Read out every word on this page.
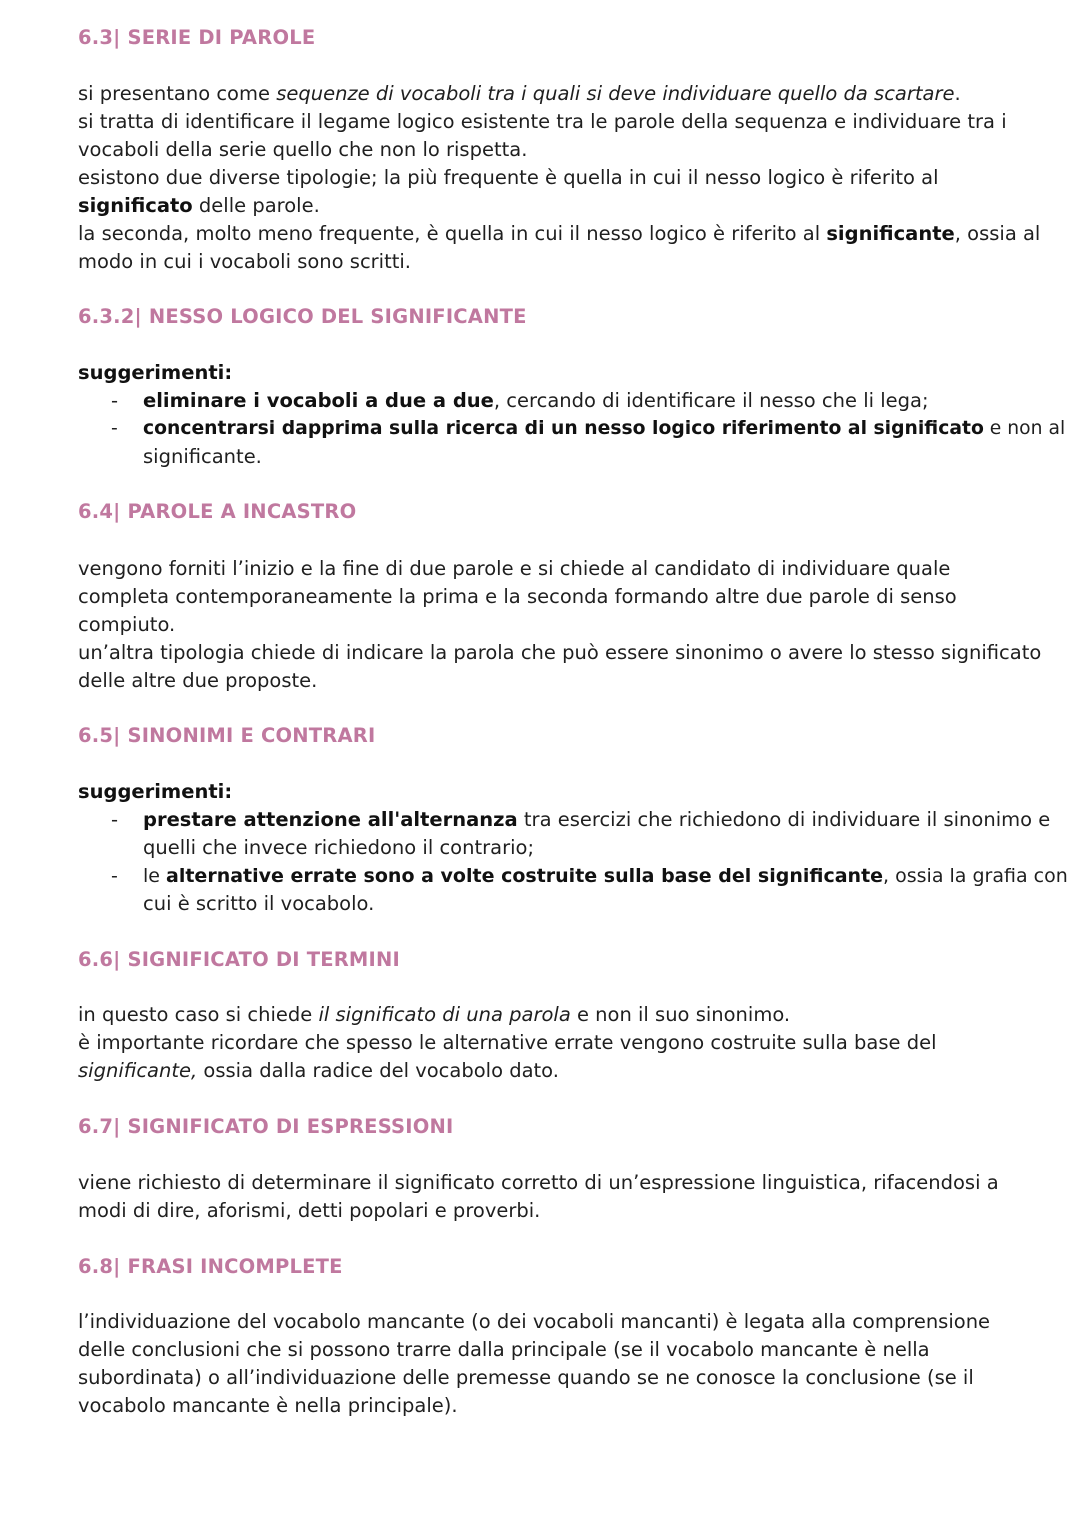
6.3| SERIE DI PAROLE
si presentano come sequenze di vocaboli tra i quali si deve individuare quello da scartare.
si tratta di identificare il legame logico esistente tra le parole della sequenza e individuare tra i
vocaboli della serie quello che non lo rispetta.
esistono due diverse tipologie; la più frequente è quella in cui il nesso logico è riferito al
significato delle parole.
la seconda, molto meno frequente, è quella in cui il nesso logico è riferito al significante, ossia al
modo in cui i vocaboli sono scritti.
6.3.2| NESSO LOGICO DEL SIGNIFICANTE
suggerimenti:
- eliminare i vocaboli a due a due, cercando di identificare il nesso che li lega;
- concentrarsi dapprima sulla ricerca di un nesso logico riferimento al significato e non al
significante.
6.4| PAROLE A INCASTRO
vengono forniti l’inizio e la fine di due parole e si chiede al candidato di individuare quale
completa contemporaneamente la prima e la seconda formando altre due parole di senso
compiuto.
un’altra tipologia chiede di indicare la parola che può essere sinonimo o avere lo stesso significato
delle altre due proposte.
6.5| SINONIMI E CONTRARI
suggerimenti:
- prestare attenzione all'alternanza tra esercizi che richiedono di individuare il sinonimo e
quelli che invece richiedono il contrario;
- le alternative errate sono a volte costruite sulla base del significante, ossia la grafia con
cui è scritto il vocabolo.
6.6| SIGNIFICATO DI TERMINI
in questo caso si chiede il significato di una parola e non il suo sinonimo.
è importante ricordare che spesso le alternative errate vengono costruite sulla base del
significante, ossia dalla radice del vocabolo dato.
6.7| SIGNIFICATO DI ESPRESSIONI
viene richiesto di determinare il significato corretto di un’espressione linguistica, rifacendosi a
modi di dire, aforismi, detti popolari e proverbi.
6.8| FRASI INCOMPLETE
l’individuazione del vocabolo mancante (o dei vocaboli mancanti) è legata alla comprensione
delle conclusioni che si possono trarre dalla principale (se il vocabolo mancante è nella
subordinata) o all’individuazione delle premesse quando se ne conosce la conclusione (se il
vocabolo mancante è nella principale).
